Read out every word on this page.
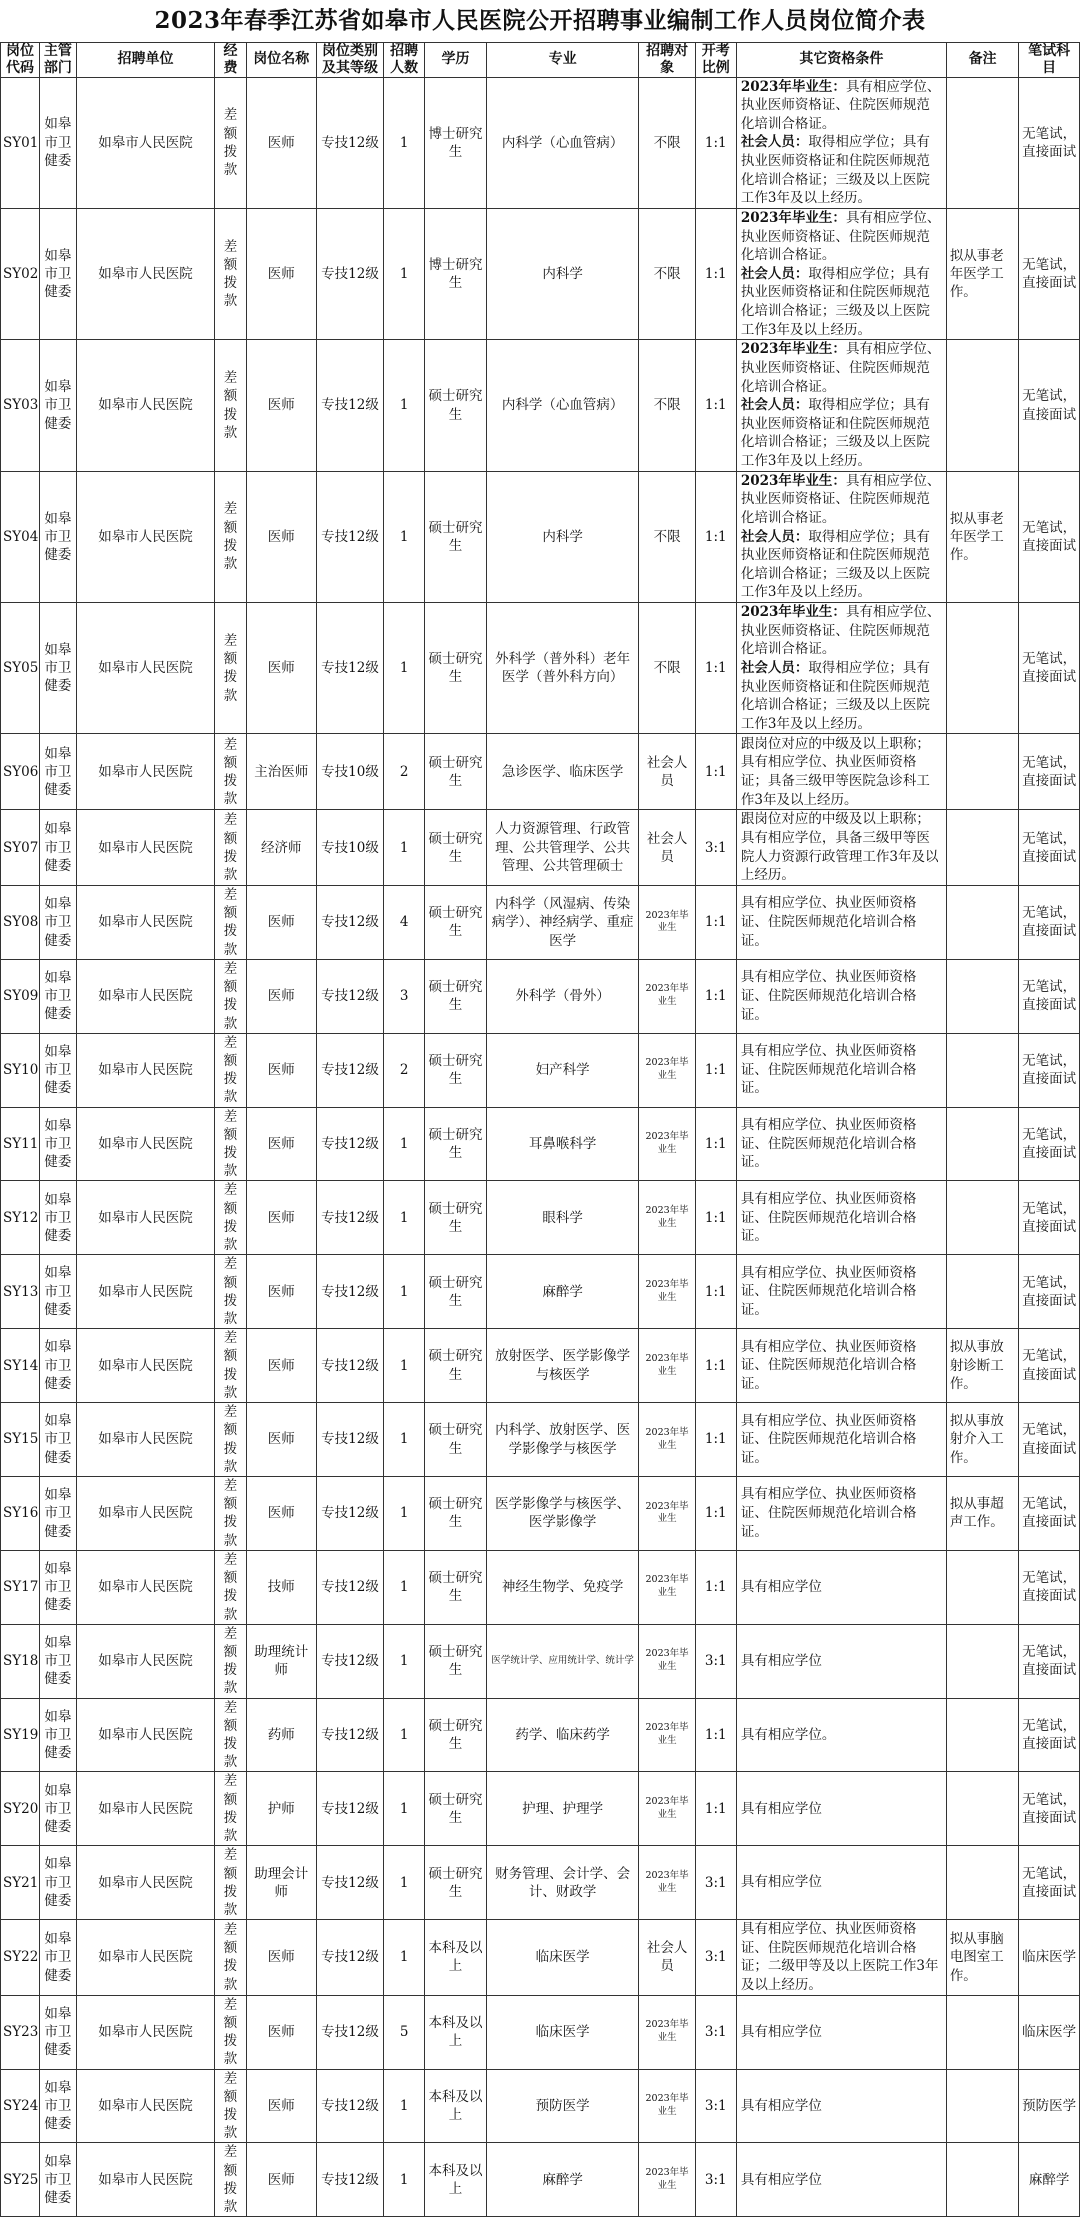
2023年春季江苏省如皋市人民医院公开招聘事业编制工作人员岗位简介表
岗位代码	主管部门	招聘单位	经费	岗位名称	岗位类别及其等级	招聘人数	学历	专业	招聘对象	开考比例	其它资格条件	备注	笔试科目
SY01	如皋市卫健委	如皋市人民医院	差额拨款	医师	专技12级	1	博士研究生	内科学（心血管病）	不限	1:1	2023年毕业生：具有相应学位、执业医师资格证、住院医师规范化培训合格证。
社会人员：取得相应学位；具有执业医师资格证和住院医师规范化培训合格证；三级及以上医院工作3年及以上经历。		无笔试，直接面试
SY02	如皋市卫健委	如皋市人民医院	差额拨款	医师	专技12级	1	博士研究生	内科学	不限	1:1	2023年毕业生：具有相应学位、执业医师资格证、住院医师规范化培训合格证。
社会人员：取得相应学位；具有执业医师资格证和住院医师规范化培训合格证；三级及以上医院工作3年及以上经历。	拟从事老年医学工作。	无笔试，直接面试
SY03	如皋市卫健委	如皋市人民医院	差额拨款	医师	专技12级	1	硕士研究生	内科学（心血管病）	不限	1:1	2023年毕业生：具有相应学位、执业医师资格证、住院医师规范化培训合格证。
社会人员：取得相应学位；具有执业医师资格证和住院医师规范化培训合格证；三级及以上医院工作3年及以上经历。		无笔试，直接面试
SY04	如皋市卫健委	如皋市人民医院	差额拨款	医师	专技12级	1	硕士研究生	内科学	不限	1:1	2023年毕业生：具有相应学位、执业医师资格证、住院医师规范化培训合格证。
社会人员：取得相应学位；具有执业医师资格证和住院医师规范化培训合格证；三级及以上医院工作3年及以上经历。	拟从事老年医学工作。	无笔试，直接面试
SY05	如皋市卫健委	如皋市人民医院	差额拨款	医师	专技12级	1	硕士研究生	外科学（普外科）老年医学（普外科方向）	不限	1:1	2023年毕业生：具有相应学位、执业医师资格证、住院医师规范化培训合格证。
社会人员：取得相应学位；具有执业医师资格证和住院医师规范化培训合格证；三级及以上医院工作3年及以上经历。		无笔试，直接面试
SY06	如皋市卫健委	如皋市人民医院	差额拨款	主治医师	专技10级	2	硕士研究生	急诊医学、临床医学	社会人员	1:1	跟岗位对应的中级及以上职称；具有相应学位、执业医师资格证；具备三级甲等医院急诊科工作3年及以上经历。		无笔试，直接面试
SY07	如皋市卫健委	如皋市人民医院	差额拨款	经济师	专技10级	1	硕士研究生	人力资源管理、行政管理、公共管理学、公共管理、公共管理硕士	社会人员	3:1	跟岗位对应的中级及以上职称；具有相应学位，具备三级甲等医院人力资源行政管理工作3年及以上经历。		无笔试，直接面试
SY08	如皋市卫健委	如皋市人民医院	差额拨款	医师	专技12级	4	硕士研究生	内科学（风湿病、传染病学）、神经病学、重症医学	2023年毕业生	1:1	具有相应学位、执业医师资格证、住院医师规范化培训合格证。		无笔试，直接面试
SY09	如皋市卫健委	如皋市人民医院	差额拨款	医师	专技12级	3	硕士研究生	外科学（骨外）	2023年毕业生	1:1	具有相应学位、执业医师资格证、住院医师规范化培训合格证。		无笔试，直接面试
SY10	如皋市卫健委	如皋市人民医院	差额拨款	医师	专技12级	2	硕士研究生	妇产科学	2023年毕业生	1:1	具有相应学位、执业医师资格证、住院医师规范化培训合格证。		无笔试，直接面试
SY11	如皋市卫健委	如皋市人民医院	差额拨款	医师	专技12级	1	硕士研究生	耳鼻喉科学	2023年毕业生	1:1	具有相应学位、执业医师资格证、住院医师规范化培训合格证。		无笔试，直接面试
SY12	如皋市卫健委	如皋市人民医院	差额拨款	医师	专技12级	1	硕士研究生	眼科学	2023年毕业生	1:1	具有相应学位、执业医师资格证、住院医师规范化培训合格证。		无笔试，直接面试
SY13	如皋市卫健委	如皋市人民医院	差额拨款	医师	专技12级	1	硕士研究生	麻醉学	2023年毕业生	1:1	具有相应学位、执业医师资格证、住院医师规范化培训合格证。		无笔试，直接面试
SY14	如皋市卫健委	如皋市人民医院	差额拨款	医师	专技12级	1	硕士研究生	放射医学、医学影像学与核医学	2023年毕业生	1:1	具有相应学位、执业医师资格证、住院医师规范化培训合格证。	拟从事放射诊断工作。	无笔试，直接面试
SY15	如皋市卫健委	如皋市人民医院	差额拨款	医师	专技12级	1	硕士研究生	内科学、放射医学、医学影像学与核医学	2023年毕业生	1:1	具有相应学位、执业医师资格证、住院医师规范化培训合格证。	拟从事放射介入工作。	无笔试，直接面试
SY16	如皋市卫健委	如皋市人民医院	差额拨款	医师	专技12级	1	硕士研究生	医学影像学与核医学、医学影像学	2023年毕业生	1:1	具有相应学位、执业医师资格证、住院医师规范化培训合格证。	拟从事超声工作。	无笔试，直接面试
SY17	如皋市卫健委	如皋市人民医院	差额拨款	技师	专技12级	1	硕士研究生	神经生物学、免疫学	2023年毕业生	1:1	具有相应学位		无笔试，直接面试
SY18	如皋市卫健委	如皋市人民医院	差额拨款	助理统计师	专技12级	1	硕士研究生	医学统计学、应用统计学、统计学	2023年毕业生	3:1	具有相应学位		无笔试，直接面试
SY19	如皋市卫健委	如皋市人民医院	差额拨款	药师	专技12级	1	硕士研究生	药学、临床药学	2023年毕业生	1:1	具有相应学位。		无笔试，直接面试
SY20	如皋市卫健委	如皋市人民医院	差额拨款	护师	专技12级	1	硕士研究生	护理、护理学	2023年毕业生	1:1	具有相应学位		无笔试，直接面试
SY21	如皋市卫健委	如皋市人民医院	差额拨款	助理会计师	专技12级	1	硕士研究生	财务管理、会计学、会计、财政学	2023年毕业生	3:1	具有相应学位		无笔试，直接面试
SY22	如皋市卫健委	如皋市人民医院	差额拨款	医师	专技12级	1	本科及以上	临床医学	社会人员	3:1	具有相应学位、执业医师资格证、住院医师规范化培训合格证；二级甲等及以上医院工作3年及以上经历。	拟从事脑电图室工作。	临床医学
SY23	如皋市卫健委	如皋市人民医院	差额拨款	医师	专技12级	5	本科及以上	临床医学	2023年毕业生	3:1	具有相应学位		临床医学
SY24	如皋市卫健委	如皋市人民医院	差额拨款	医师	专技12级	1	本科及以上	预防医学	2023年毕业生	3:1	具有相应学位		预防医学
SY25	如皋市卫健委	如皋市人民医院	差额拨款	医师	专技12级	1	本科及以上	麻醉学	2023年毕业生	3:1	具有相应学位		麻醉学
